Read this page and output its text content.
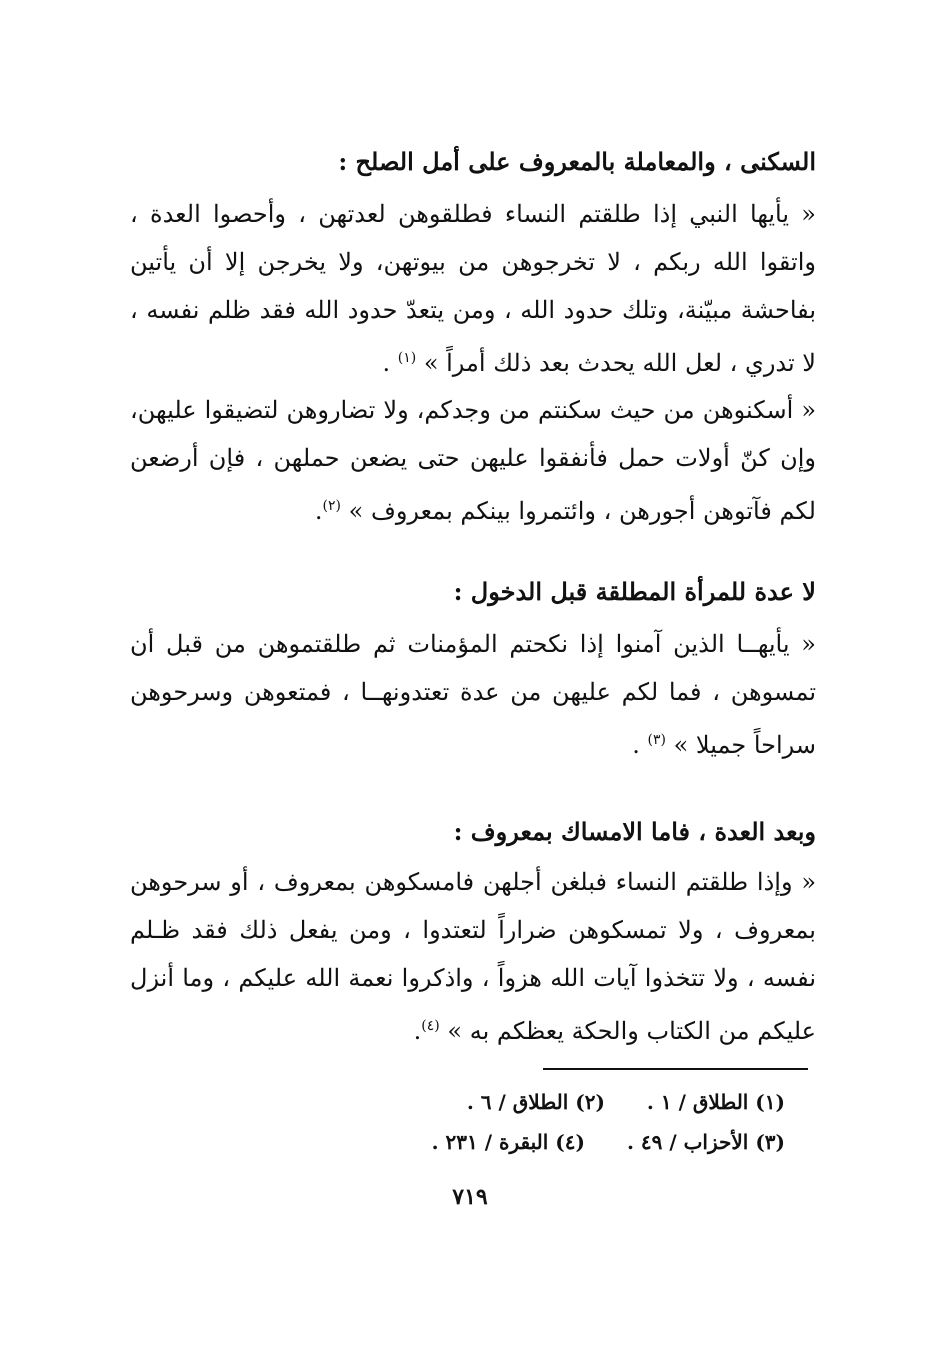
السكنى ، والمعاملة بالمعروف على أمل الصلح :

« يأيها النبي إذا طلقتم النساء فطلقوهن لعدتهن ، وأحصوا العدة ، واتقوا الله ربكم ، لا تخرجوهن من بيوتهن، ولا يخرجن إلا أن يأتين بفاحشة مبيّنة، وتلك حدود الله ، ومن يتعدّ حدود الله فقد ظلم نفسه ، لا تدري ، لعل الله يحدث بعد ذلك أمراً » $^{(١)}$ .

« أسكنوهن من حيث سكنتم من وجدكم، ولا تضاروهن لتضيقوا عليهن، وإن كنّ أولات حمل فأنفقوا عليهن حتى يضعن حملهن ، فإن أرضعن لكم فآتوهن أجورهن ، وائتمروا بينكم بمعروف » $^{(٢)}$.

لا عدة للمرأة المطلقة قبل الدخول :

« يأيهــا الذين آمنوا إذا نكحتم المؤمنات ثم طلقتموهن من قبل أن تمسوهن ، فما لكم عليهن من عدة تعتدونهــا ، فمتعوهن وسرحوهن سراحاً جميلا » $^{(٣)}$ .

وبعد العدة ، فاما الامساك بمعروف :

« وإذا طلقتم النساء فبلغن أجلهن فامسكوهن بمعروف ، أو سرحوهن بمعروف ، ولا تمسكوهن ضراراً لتعتدوا ، ومن يفعل ذلك فقد ظـلم نفسه ، ولا تتخذوا آيات الله هزواً ، واذكروا نعمة الله عليكم ، وما أنزل عليكم من الكتاب والحكة يعظكم به » $^{(٤)}$.

(١) الطلاق / ١ .(٢) الطلاق / ٦ .
(٣) الأحزاب / ٤٩ .(٤) البقرة / ٢٣١ .
٧١٩
